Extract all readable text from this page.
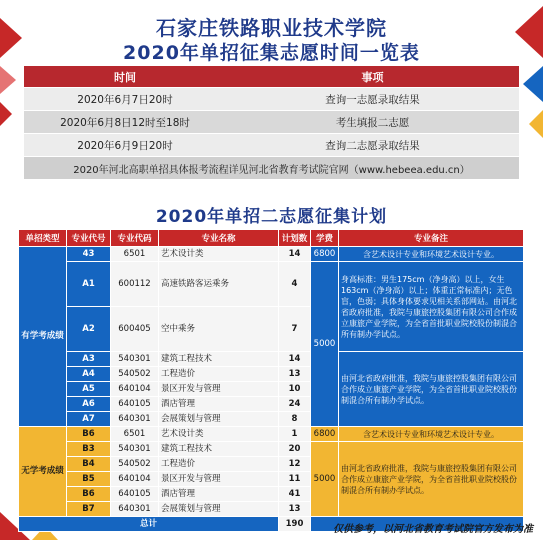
石家庄铁路职业技术学院
2020年单招征集志愿时间一览表
时间	事项
2020年6月7日20时	查询一志愿录取结果
2020年6月8日12时至18时	考生填报二志愿
2020年6月9日20时	查询二志愿录取结果
2020年河北高职单招具体报考流程详见河北省教育考试院官网（www.hebeea.edu.cn）	
2020年单招二志愿征集计划
单招类型	专业代号	专业代码	专业名称	计划数	学费	专业备注
有学考成绩	43	6501	艺术设计类	14	6800	含艺术设计专业和环境艺术设计专业。
	A1	600112	高速铁路客运乘务	4	5000	身高标准：男生175cm（净身高）以上，女生163cm（净身高）以上；体重正常标准内；无色盲，色弱；具体身体要求见相关系部网站。由河北省政府批准，我院与康旅控股集团有限公司合作成立康旅产业学院，为全省首批职业院校股份制混合所有制办学试点。
	A2	600405	空中乘务	7		
	A3	540301	建筑工程技术	14		由河北省政府批准，我院与康旅控股集团有限公司合作成立康旅产业学院，为全省首批职业院校股份制混合所有制办学试点。
	A4	540502	工程造价	13		
	A5	640104	景区开发与管理	10		
	A6	640105	酒店管理	24		
	A7	640301	会展策划与管理	8		
无学考成绩	B6	6501	艺术设计类	1	6800	含艺术设计专业和环境艺术设计专业。
	B3	540301	建筑工程技术	20	5000	由河北省政府批准，我院与康旅控股集团有限公司合作成立康旅产业学院，为全省首批职业院校股份制混合所有制办学试点。
	B4	540502	工程造价	12		
	B5	640104	景区开发与管理	11		
	B6	640105	酒店管理	41		
	B7	640301	会展策划与管理	13		
总计				190		
仅供参考，以河北省教育考试院官方发布为准
